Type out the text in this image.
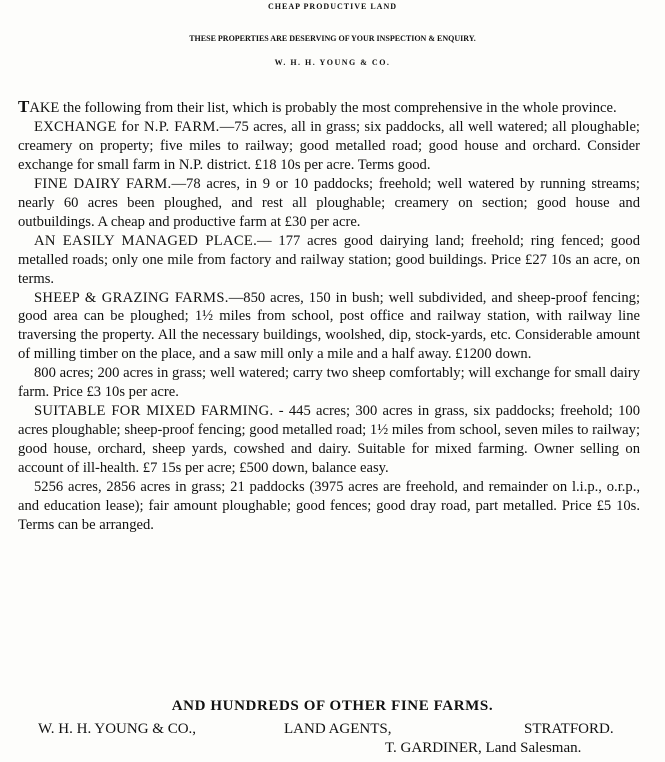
CHEAP PRODUCTIVE LAND
THESE PROPERTIES ARE DESERVING OF YOUR INSPECTION & ENQUIRY.
W. H. H. YOUNG & CO.

TAKE the following from their list, which is probably the most comprehensive in the whole province.

EXCHANGE for N.P. FARM.—75 acres, all in grass; six paddocks, all well watered; all ploughable; creamery on property; five miles to railway; good metalled road; good house and orchard. Consider exchange for small farm in N.P. district. £18 10s per acre. Terms good.

FINE DAIRY FARM.—78 acres, in 9 or 10 paddocks; freehold; well watered by running streams; nearly 60 acres been ploughed, and rest all ploughable; creamery on section; good house and outbuildings. A cheap and productive farm at £30 per acre.

AN EASILY MANAGED PLACE.— 177 acres good dairying land; freehold; ring fenced; good metalled roads; only one mile from factory and railway station; good buildings. Price £27 10s an acre, on terms.

SHEEP & GRAZING FARMS.—850 acres, 150 in bush; well subdivided, and sheep-proof fencing; good area can be ploughed; 1½ miles from school, post office and railway station, with railway line traversing the property. All the necessary buildings, woolshed, dip, stock-yards, etc. Considerable amount of milling timber on the place, and a saw mill only a mile and a half away. £1200 down.

800 acres; 200 acres in grass; well watered; carry two sheep comfortably; will exchange for small dairy farm. Price £3 10s per acre.

SUITABLE FOR MIXED FARMING. - 445 acres; 300 acres in grass, six paddocks; freehold; 100 acres ploughable; sheep-proof fencing; good metalled road; 1½ miles from school, seven miles to railway; good house, orchard, sheep yards, cowshed and dairy. Suitable for mixed farming. Owner selling on account of ill-health. £7 15s per acre; £500 down, balance easy.

5256 acres, 2856 acres in grass; 21 paddocks (3975 acres are freehold, and remainder on l.i.p., o.r.p., and education lease); fair amount ploughable; good fences; good dray road, part metalled. Price £5 10s. Terms can be arranged.

AND HUNDREDS OF OTHER FINE FARMS.
W. H. H. YOUNG & CO.,	LAND AGENTS,	STRATFORD.
T. GARDINER, Land Salesman.
